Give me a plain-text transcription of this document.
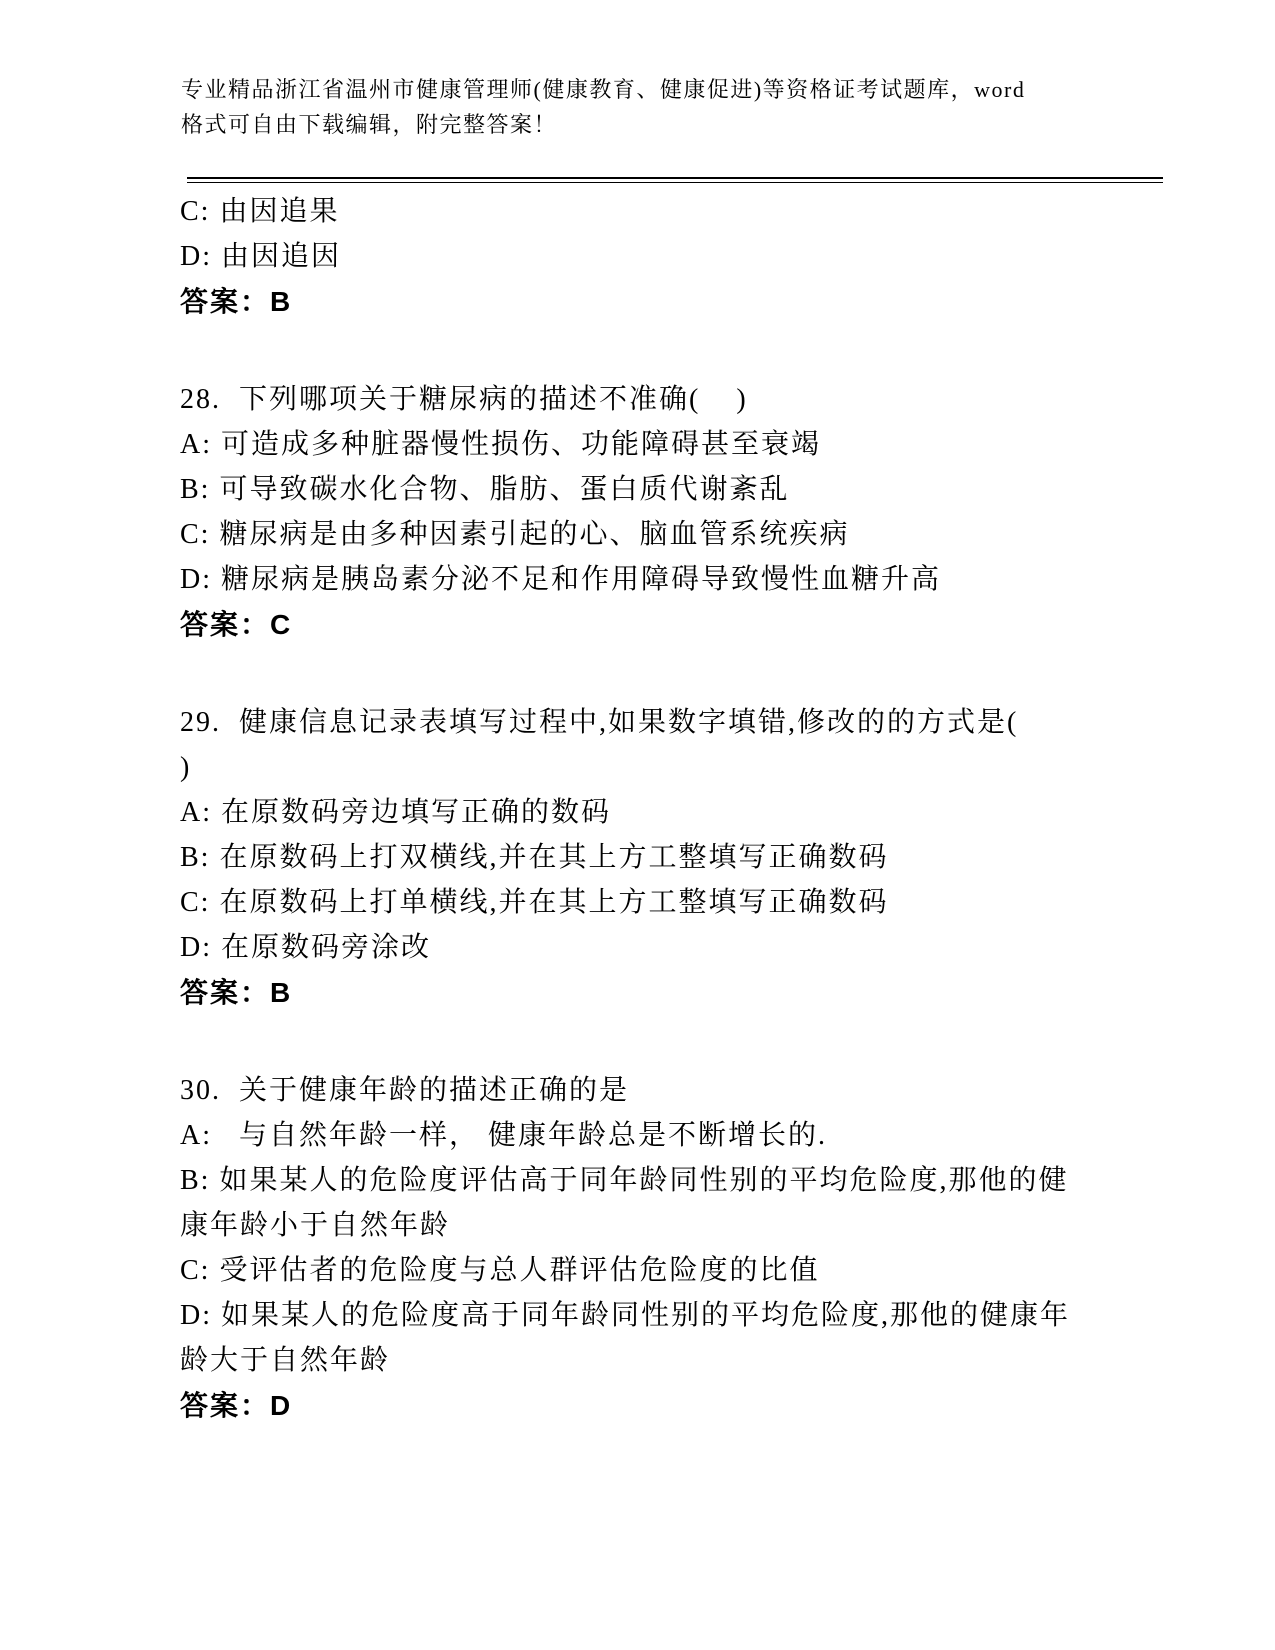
专业精品浙江省温州市健康管理师(健康教育、健康促进)等资格证考试题库，word
格式可自由下载编辑，附完整答案！
C: 由因追果
D: 由因追因
答案：B
28.  下列哪项关于糖尿病的描述不准确(    )
A: 可造成多种脏器慢性损伤、功能障碍甚至衰竭
B: 可导致碳水化合物、脂肪、蛋白质代谢紊乱
C: 糖尿病是由多种因素引起的心、脑血管系统疾病
D: 糖尿病是胰岛素分泌不足和作用障碍导致慢性血糖升高
答案：C
29.  健康信息记录表填写过程中,如果数字填错,修改的的方式是(
)
A: 在原数码旁边填写正确的数码
B: 在原数码上打双横线,并在其上方工整填写正确数码
C: 在原数码上打单横线,并在其上方工整填写正确数码
D: 在原数码旁涂改
答案：B
30.  关于健康年龄的描述正确的是
A:   与自然年龄一样， 健康年龄总是不断增长的.
B: 如果某人的危险度评估高于同年龄同性别的平均危险度,那他的健
康年龄小于自然年龄
C: 受评估者的危险度与总人群评估危险度的比值
D: 如果某人的危险度高于同年龄同性别的平均危险度,那他的健康年
龄大于自然年龄
答案：D
